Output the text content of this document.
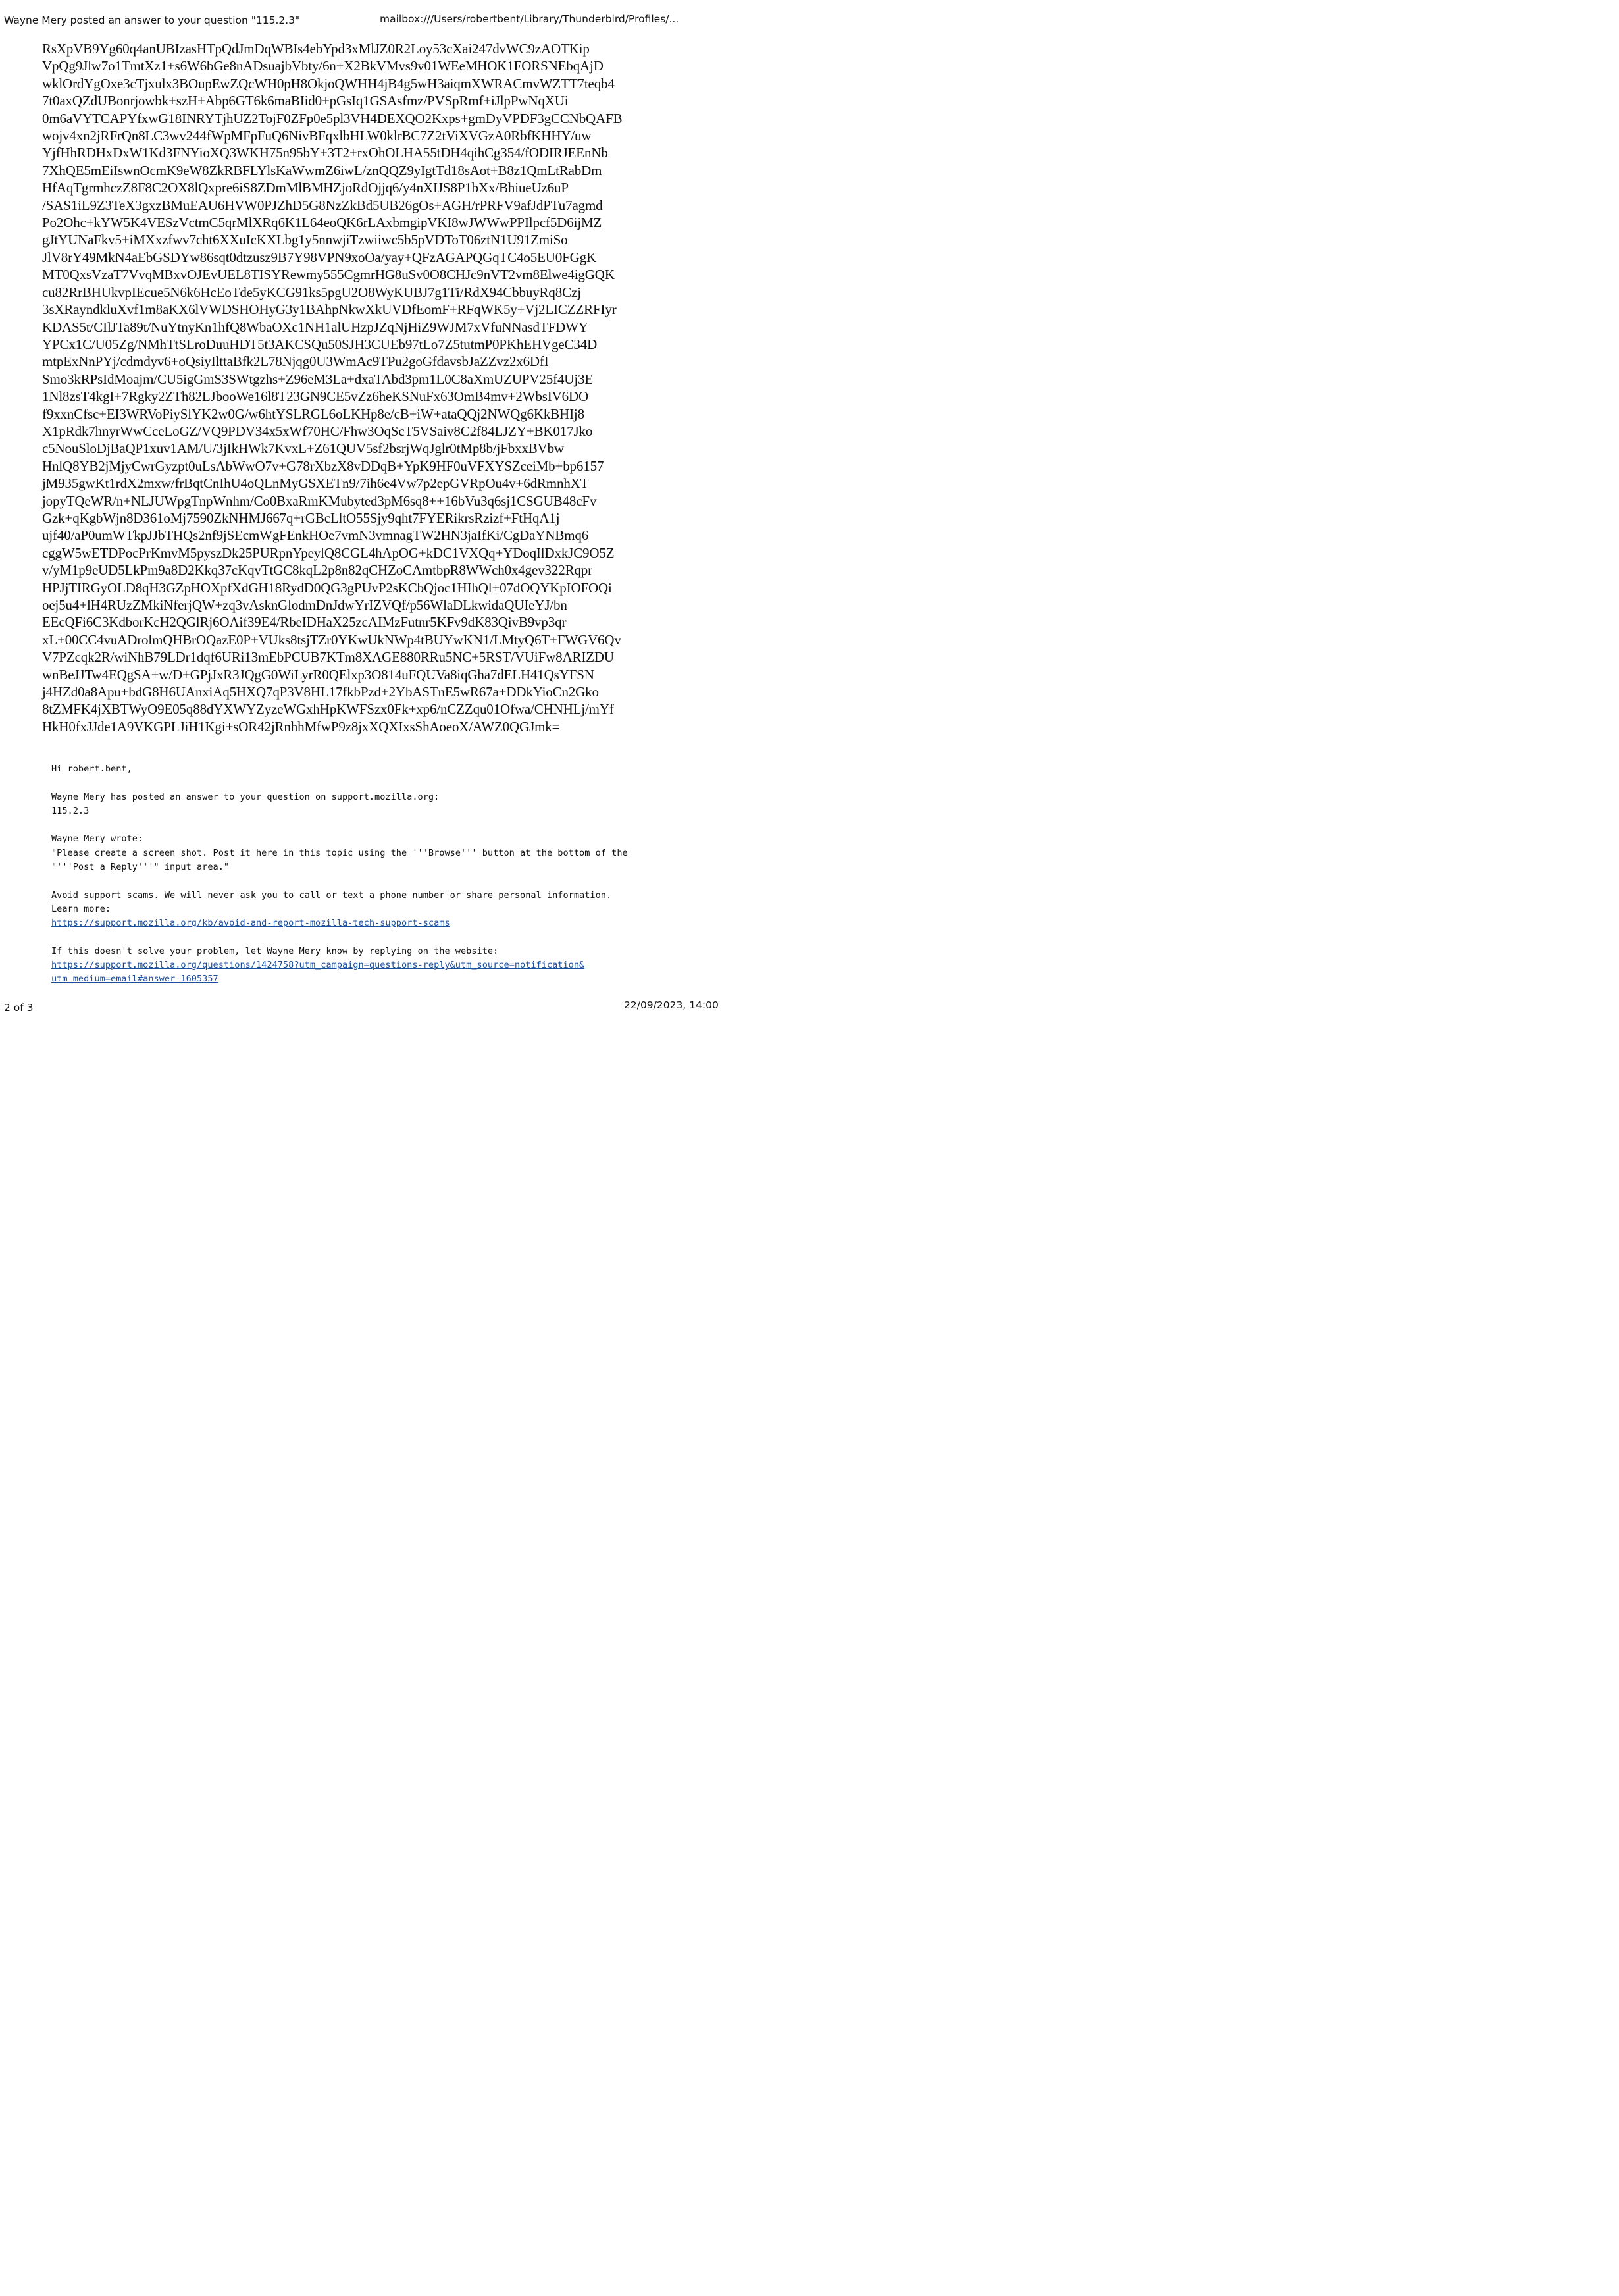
Wayne Mery posted an answer to your question "115.2.3"	mailbox:///Users/robertbent/Library/Thunderbird/Profiles/...
RsXpVB9Yg60q4anUBIzasHTpQdJmDqWBIs4ebYpd3xMlJZ0R2Loy53cXai247dvWC9zAOTKip
VpQg9Jlw7o1TmtXz1+s6W6bGe8nADsuajbVbty/6n+X2BkVMvs9v01WEeMHOK1FORSNEbqAjD
wklOrdYgOxe3cTjxulx3BOupEwZQcWH0pH8OkjoQWHH4jB4g5wH3aiqmXWRACmvWZTT7teqb4
7t0axQZdUBonrjowbk+szH+Abp6GT6k6maBIid0+pGsIq1GSAsfmz/PVSpRmf+iJlpPwNqXUi
0m6aVYTCAPYfxwG18INRYTjhUZ2TojF0ZFp0e5pl3VH4DEXQO2Kxps+gmDyVPDF3gCCNbQAFB
wojv4xn2jRFrQn8LC3wv244fWpMFpFuQ6NivBFqxlbHLW0klrBC7Z2tViXVGzA0RbfKHHY/uw
YjfHhRDHxDxW1Kd3FNYioXQ3WKH75n95bY+3T2+rxOhOLHA55tDH4qihCg354/fODIRJEEnNb
7XhQE5mEiIswnOcmK9eW8ZkRBFLYlsKaWwmZ6iwL/znQQZ9yIgtTd18sAot+B8z1QmLtRabDm
HfAqTgrmhczZ8F8C2OX8lQxpre6iS8ZDmMlBMHZjoRdOjjq6/y4nXIJS8P1bXx/BhiueUz6uP
/SAS1iL9Z3TeX3gxzBMuEAU6HVW0PJZhD5G8NzZkBd5UB26gOs+AGH/rPRFV9afJdPTu7agmd
Po2Ohc+kYW5K4VESzVctmC5qrMlXRq6K1L64eoQK6rLAxbmgipVKI8wJWWwPPIlpcf5D6ijMZ
gJtYUNaFkv5+iMXxzfwv7cht6XXuIcKXLbg1y5nnwjiTzwiiwc5b5pVDToT06ztN1U91ZmiSo
JlV8rY49MkN4aEbGSDYw86sqt0dtzusz9B7Y98VPN9xoOa/yay+QFzAGAPQGqTC4o5EU0FGgK
MT0QxsVzaT7VvqMBxvOJEvUEL8TISYRewmy555CgmrHG8uSv0O8CHJc9nVT2vm8Elwe4igGQK
cu82RrBHUkvpIEcue5N6k6HcEoTde5yKCG91ks5pgU2O8WyKUBJ7g1Ti/RdX94CbbuyRq8Czj
3sXRayndkluXvf1m8aKX6lVWDSHOHyG3y1BAhpNkwXkUVDfEomF+RFqWK5y+Vj2LICZZRFIyr
KDAS5t/CIlJTa89t/NuYtnyKn1hfQ8WbaOXc1NH1alUHzpJZqNjHiZ9WJM7xVfuNNasdTFDWY
YPCx1C/U05Zg/NMhTtSLroDuuHDT5t3AKCSQu50SJH3CUEb97tLo7Z5tutmP0PKhEHVgeC34D
mtpExNnPYj/cdmdyv6+oQsiyIlttaBfk2L78Njqg0U3WmAc9TPu2goGfdavsbJaZZvz2x6DfI
Smo3kRPsIdMoajm/CU5igGmS3SWtgzhs+Z96eM3La+dxaTAbd3pm1L0C8aXmUZUPV25f4Uj3E
1Nl8zsT4kgI+7Rgky2ZTh82LJbooWe16l8T23GN9CE5vZz6heKSNuFx63OmB4mv+2WbsIV6DO
f9xxnCfsc+EI3WRVoPiySlYK2w0G/w6htYSLRGL6oLKHp8e/cB+iW+ataQQj2NWQg6KkBHIj8
X1pRdk7hnyrWwCceLoGZ/VQ9PDV34x5xWf70HC/Fhw3OqScT5VSaiv8C2f84LJZY+BK017Jko
c5NouSloDjBaQP1xuv1AM/U/3jIkHWk7KvxL+Z61QUV5sf2bsrjWqJglr0tMp8b/jFbxxBVbw
HnlQ8YB2jMjyCwrGyzpt0uLsAbWwO7v+G78rXbzX8vDDqB+YpK9HF0uVFXYSZceiMb+bp6157
jM935gwKt1rdX2mxw/frBqtCnIhU4oQLnMyGSXETn9/7ih6e4Vw7p2epGVRpOu4v+6dRmnhXT
jopyTQeWR/n+NLJUWpgTnpWnhm/Co0BxaRmKMubyted3pM6sq8++16bVu3q6sj1CSGUB48cFv
Gzk+qKgbWjn8D361oMj7590ZkNHMJ667q+rGBcLltO55Sjy9qht7FYERikrsRzizf+FtHqA1j
ujf40/aP0umWTkpJJbTHQs2nf9jSEcmWgFEnkHOe7vmN3vmnagTW2HN3jaIfKi/CgDaYNBmq6
cggW5wETDPocPrKmvM5pyszDk25PURpnYpeylQ8CGL4hApOG+kDC1VXQq+YDoqIlDxkJC9O5Z
v/yM1p9eUD5LkPm9a8D2Kkq37cKqvTtGC8kqL2p8n82qCHZoCAmtbpR8WWch0x4gev322Rqpr
HPJjTIRGyOLD8qH3GZpHOXpfXdGH18RydD0QG3gPUvP2sKCbQjoc1HIhQl+07dOQYKpIOFOQi
oej5u4+lH4RUzZMkiNferjQW+zq3vAsknGlodmDnJdwYrIZVQf/p56WlaDLkwidaQUIeYJ/bn
EEcQFi6C3KdborKcH2QGlRj6OAif39E4/RbeIDHaX25zcAIMzFutnr5KFv9dK83QivB9vp3qr
xL+00CC4vuADrolmQHBrOQazE0P+VUks8tsjTZr0YKwUkNWp4tBUYwKN1/LMtyQ6T+FWGV6Qv
V7PZcqk2R/wiNhB79LDr1dqf6URi13mEbPCUB7KTm8XAGE880RRu5NC+5RST/VUiFw8ARIZDU
wnBeJJTw4EQgSA+w/D+GPjJxR3JQgG0WiLyrR0QElxp3O814uFQUVa8iqGha7dELH41QsYFSN
j4HZd0a8Apu+bdG8H6UAnxiAq5HXQ7qP3V8HL17fkbPzd+2YbASTnE5wR67a+DDkYioCn2Gko
8tZMFK4jXBTWyO9E05q88dYXWYZyzeWGxhHpKWFSzx0Fk+xp6/nCZZqu01Ofwa/CHNHLj/mYf
HkH0fxJJde1A9VKGPLJiH1Kgi+sOR42jRnhhMfwP9z8jxXQXIxsShAoeoX/AWZ0QGJmk=
Hi robert.bent,
Wayne Mery has posted an answer to your question on support.mozilla.org:
115.2.3
Wayne Mery wrote:
"Please create a screen shot. Post it here in this topic using the '''Browse''' button at the bottom of the
"'''Post a Reply'''" input area."
Avoid support scams. We will never ask you to call or text a phone number or share personal information.
Learn more:
https://support.mozilla.org/kb/avoid-and-report-mozilla-tech-support-scams
If this doesn't solve your problem, let Wayne Mery know by replying on the website:
https://support.mozilla.org/questions/1424758?utm_campaign=questions-reply&utm_source=notification&
utm_medium=email#answer-1605357
2 of 3	22/09/2023, 14:00
